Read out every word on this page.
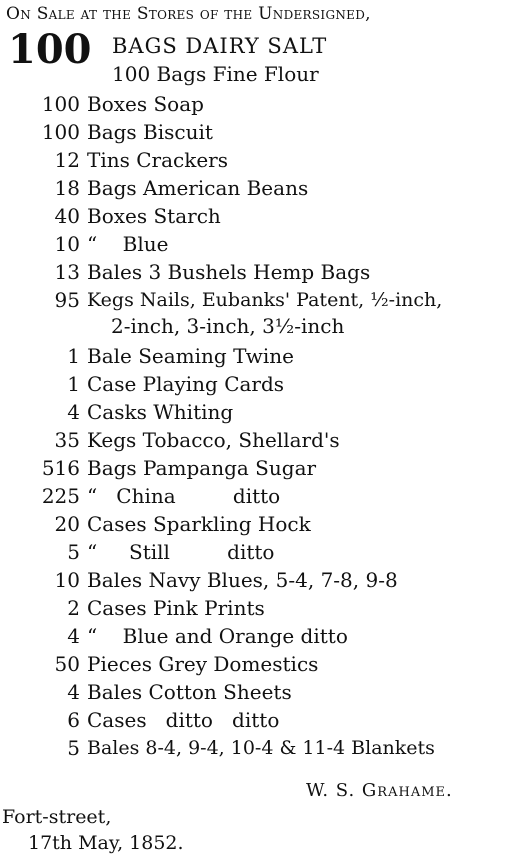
On Sale at the Stores of the Undersigned,
100 BAGS DAIRY SALT
100 Bags Fine Flour
100 Boxes Soap
100 Bags Biscuit
12 Tins Crackers
18 Bags American Beans
40 Boxes Starch
10 “    Blue
13 Bales 3 Bushels Hemp Bags
95 Kegs Nails, Eubanks' Patent, ½-inch,
2-inch, 3-inch, 3½-inch
1 Bale Seaming Twine
1 Case Playing Cards
4 Casks Whiting
35 Kegs Tobacco, Shellard's
516 Bags Pampanga Sugar
225 “   China         ditto
20 Cases Sparkling Hock
5 “     Still         ditto
10 Bales Navy Blues, 5-4, 7-8, 9-8
2 Cases Pink Prints
4 “    Blue and Orange ditto
50 Pieces Grey Domestics
4 Bales Cotton Sheets
6 Cases   ditto   ditto
5 Bales 8-4, 9-4, 10-4 & 11-4 Blankets
W. S. Grahame.
Fort-street,
17th May, 1852.
